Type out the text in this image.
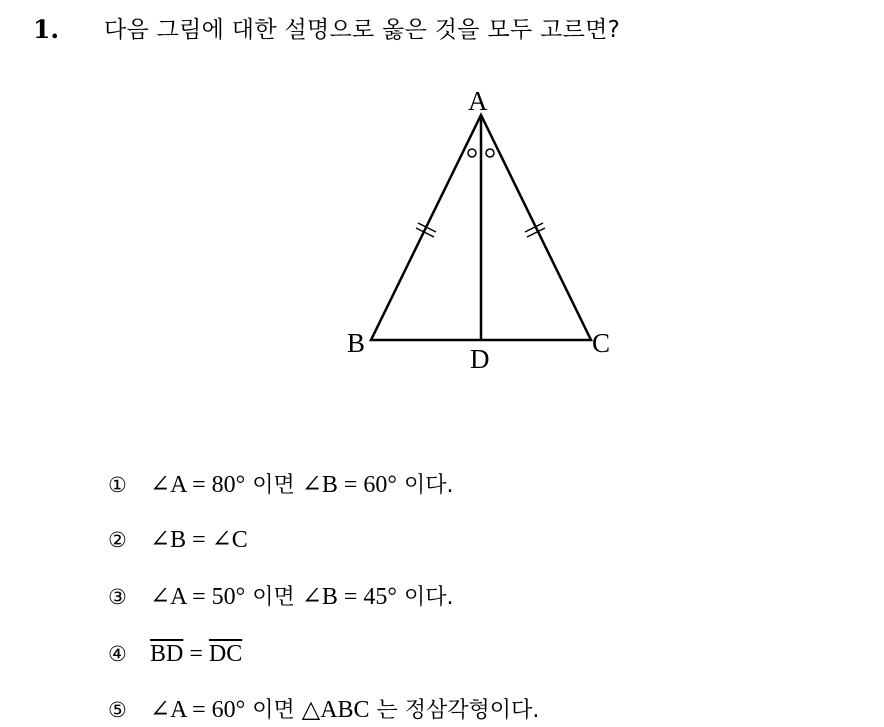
1. 다음 그림에 대한 설명으로 옳은 것을 모두 고르면?
A
B	C
D
① ∠A = 80° 이면 ∠B = 60° 이다.
② ∠B = ∠C
③ ∠A = 50° 이면 ∠B = 45° 이다.
④ $\overline{BD} = \overline{DC}$
⑤ ∠A = 60° 이면 △ABC 는 정삼각형이다.
